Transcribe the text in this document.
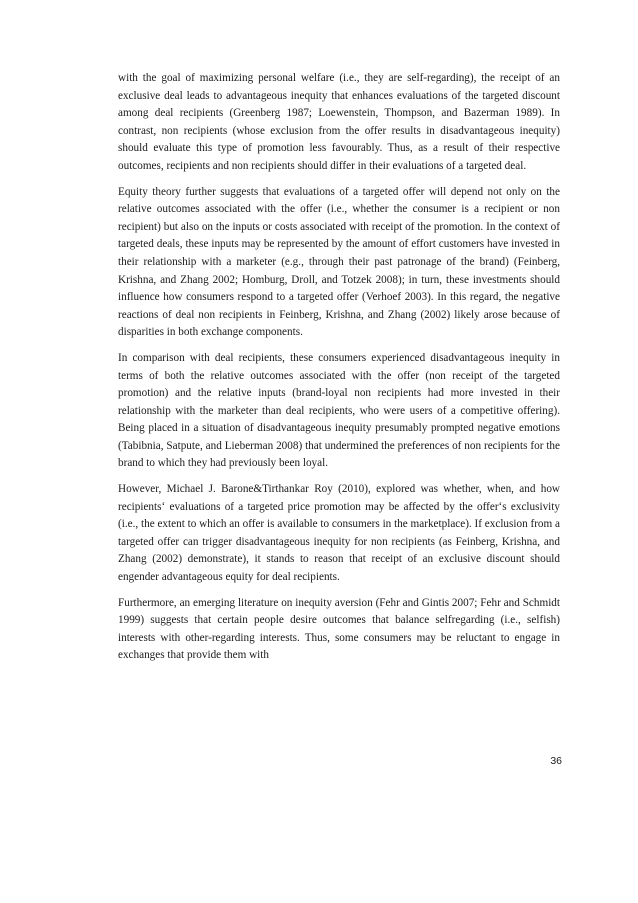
with the goal of maximizing personal welfare (i.e., they are self-regarding), the receipt of an exclusive deal leads to advantageous inequity that enhances evaluations of the targeted discount among deal recipients (Greenberg 1987; Loewenstein, Thompson, and Bazerman 1989). In contrast, non recipients (whose exclusion from the offer results in disadvantageous inequity) should evaluate this type of promotion less favourably. Thus, as a result of their respective outcomes, recipients and non recipients should differ in their evaluations of a targeted deal.

Equity theory further suggests that evaluations of a targeted offer will depend not only on the relative outcomes associated with the offer (i.e., whether the consumer is a recipient or non recipient) but also on the inputs or costs associated with receipt of the promotion. In the context of targeted deals, these inputs may be represented by the amount of effort customers have invested in their relationship with a marketer (e.g., through their past patronage of the brand) (Feinberg, Krishna, and Zhang 2002; Homburg, Droll, and Totzek 2008); in turn, these investments should influence how consumers respond to a targeted offer (Verhoef 2003). In this regard, the negative reactions of deal non recipients in Feinberg, Krishna, and Zhang (2002) likely arose because of disparities in both exchange components.

In comparison with deal recipients, these consumers experienced disadvantageous inequity in terms of both the relative outcomes associated with the offer (non receipt of the targeted promotion) and the relative inputs (brand-loyal non recipients had more invested in their relationship with the marketer than deal recipients, who were users of a competitive offering). Being placed in a situation of disadvantageous inequity presumably prompted negative emotions (Tabibnia, Satpute, and Lieberman 2008) that undermined the preferences of non recipients for the brand to which they had previously been loyal.

However, Michael J. Barone&Tirthankar Roy (2010), explored was whether, when, and how recipients‘ evaluations of a targeted price promotion may be affected by the offer‘s exclusivity (i.e., the extent to which an offer is available to consumers in the marketplace). If exclusion from a targeted offer can trigger disadvantageous inequity for non recipients (as Feinberg, Krishna, and Zhang (2002) demonstrate), it stands to reason that receipt of an exclusive discount should engender advantageous equity for deal recipients.

Furthermore, an emerging literature on inequity aversion (Fehr and Gintis 2007; Fehr and Schmidt 1999) suggests that certain people desire outcomes that balance selfregarding (i.e., selfish) interests with other-regarding interests. Thus, some consumers may be reluctant to engage in exchanges that provide them with

36
